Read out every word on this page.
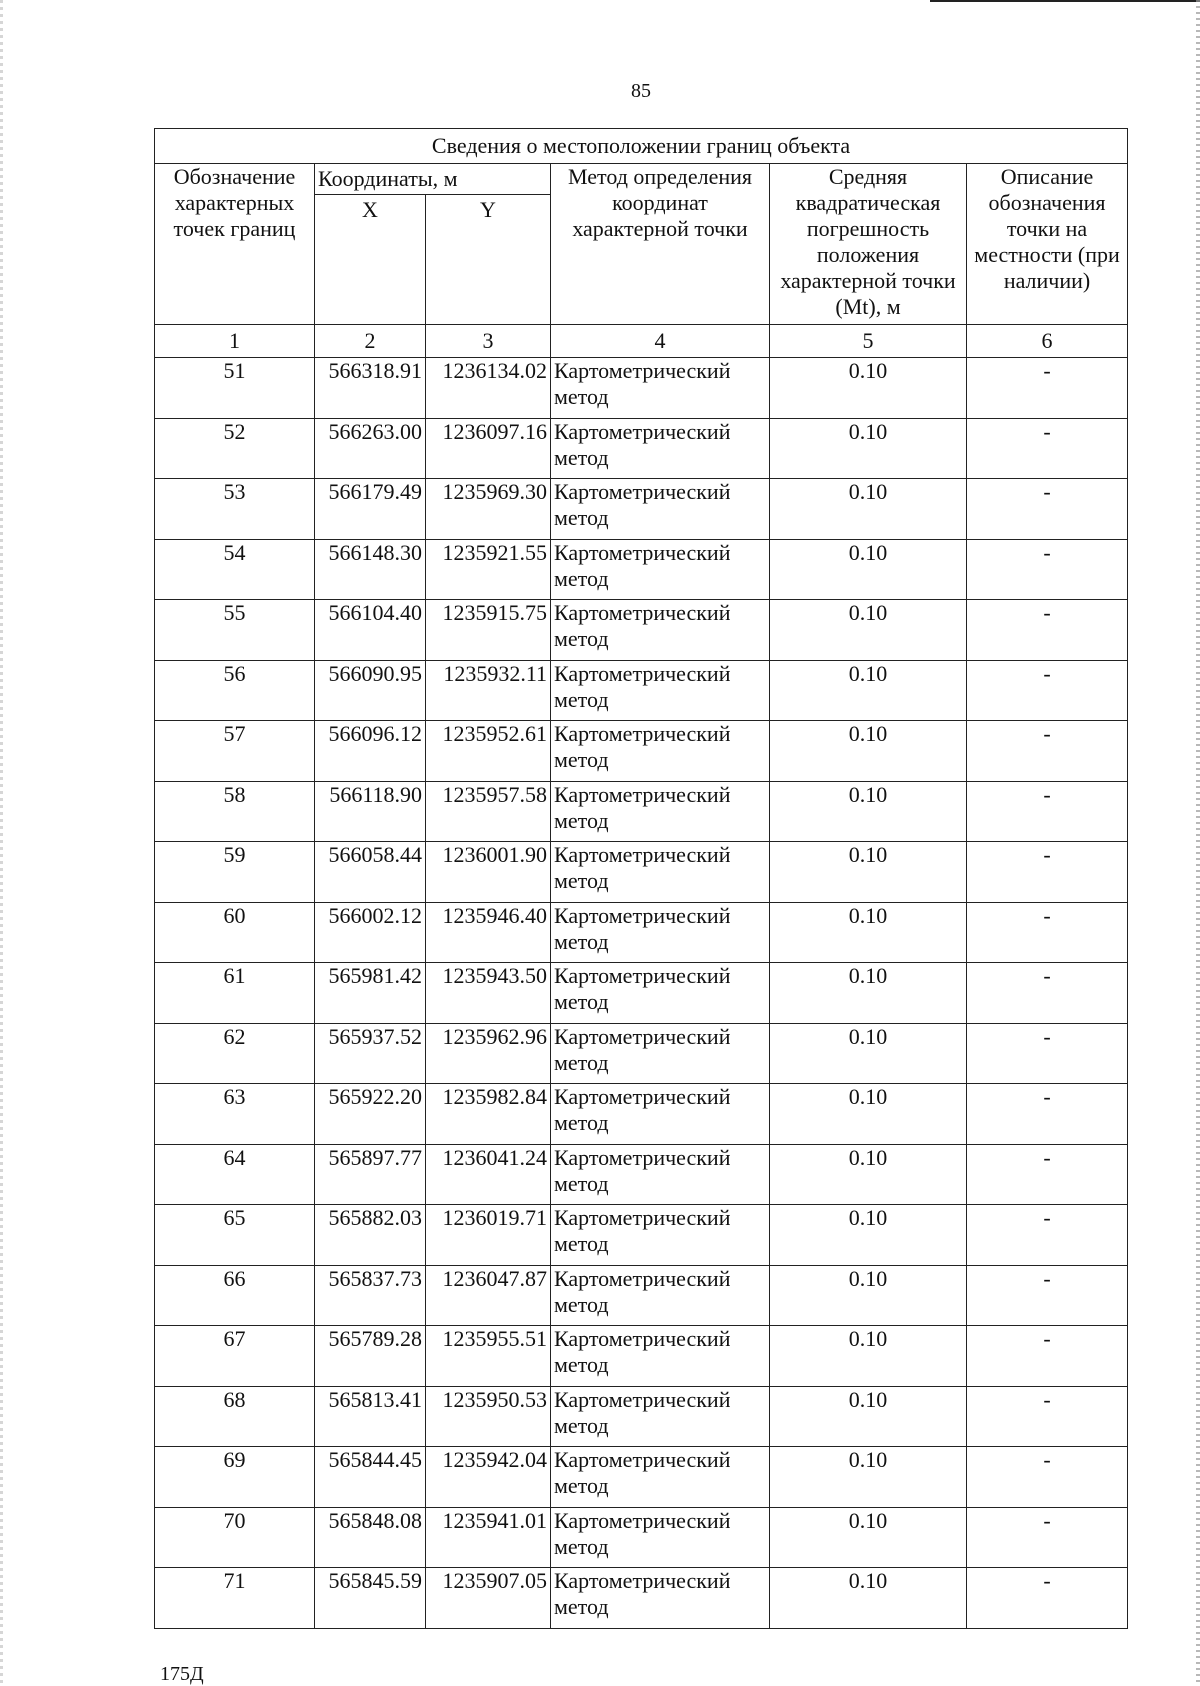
85
Сведения о местоположении границ объекта					
Обозначение характерных точек границ	Координаты, м		Метод определения координат характерной точки	Средняя квадратическая погрешность положения характерной точки (Mt), м	Описание обозначения точки на местности (при наличии)
	X	Y			
1	2	3	4	5	6
51	566318.91	1236134.02	Картометрический метод	0.10	-
52	566263.00	1236097.16	Картометрический метод	0.10	-
53	566179.49	1235969.30	Картометрический метод	0.10	-
54	566148.30	1235921.55	Картометрический метод	0.10	-
55	566104.40	1235915.75	Картометрический метод	0.10	-
56	566090.95	1235932.11	Картометрический метод	0.10	-
57	566096.12	1235952.61	Картометрический метод	0.10	-
58	566118.90	1235957.58	Картометрический метод	0.10	-
59	566058.44	1236001.90	Картометрический метод	0.10	-
60	566002.12	1235946.40	Картометрический метод	0.10	-
61	565981.42	1235943.50	Картометрический метод	0.10	-
62	565937.52	1235962.96	Картометрический метод	0.10	-
63	565922.20	1235982.84	Картометрический метод	0.10	-
64	565897.77	1236041.24	Картометрический метод	0.10	-
65	565882.03	1236019.71	Картометрический метод	0.10	-
66	565837.73	1236047.87	Картометрический метод	0.10	-
67	565789.28	1235955.51	Картометрический метод	0.10	-
68	565813.41	1235950.53	Картометрический метод	0.10	-
69	565844.45	1235942.04	Картометрический метод	0.10	-
70	565848.08	1235941.01	Картометрический метод	0.10	-
71	565845.59	1235907.05	Картометрический метод	0.10	-
175Д
